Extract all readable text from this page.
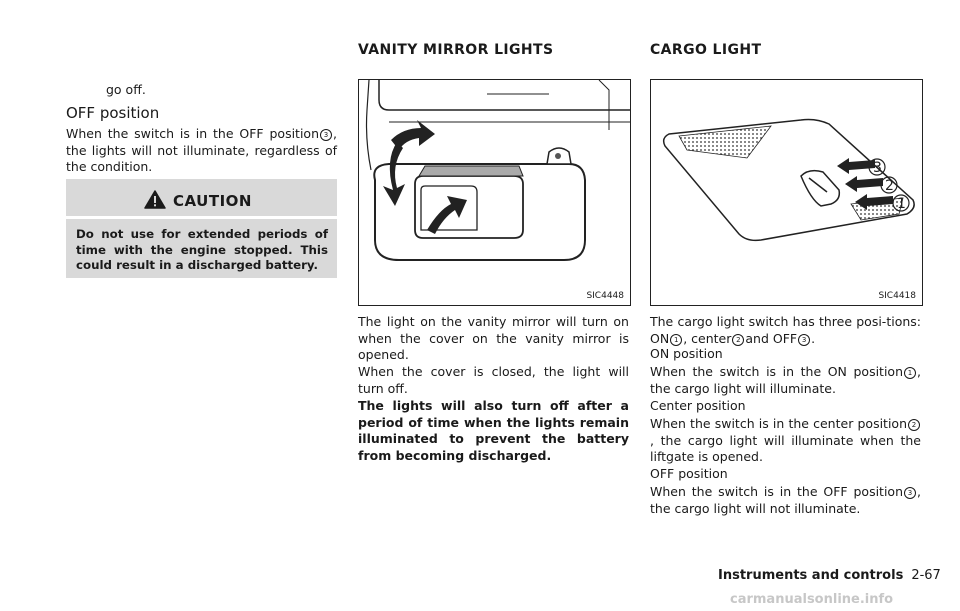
go off.

OFF position

When the switch is in the OFF position 3 , the lights will not illuminate, regardless of the condition.

CAUTION

Do not use for extended periods of time with the engine stopped. This could result in a discharged battery.

VANITY MIRROR LIGHTS
SIC4448

The light on the vanity mirror will turn on when the cover on the vanity mirror is opened.

When the cover is closed, the light will turn off.

The lights will also turn off after a period of time when the lights remain illuminated to prevent the battery from becoming discharged.

CARGO LIGHT
3
2
1
SIC4418

The cargo light switch has three posi-tions: ON 1 , center 2 and OFF 3 .

ON position

When the switch is in the ON position 1 , the cargo light will illuminate.

Center position

When the switch is in the center position 2, the cargo light will illuminate when the liftgate is opened.

OFF position

When the switch is in the OFF position 3 , the cargo light will not illuminate.

Instruments and controls 2-67
carmanualsonline.info
